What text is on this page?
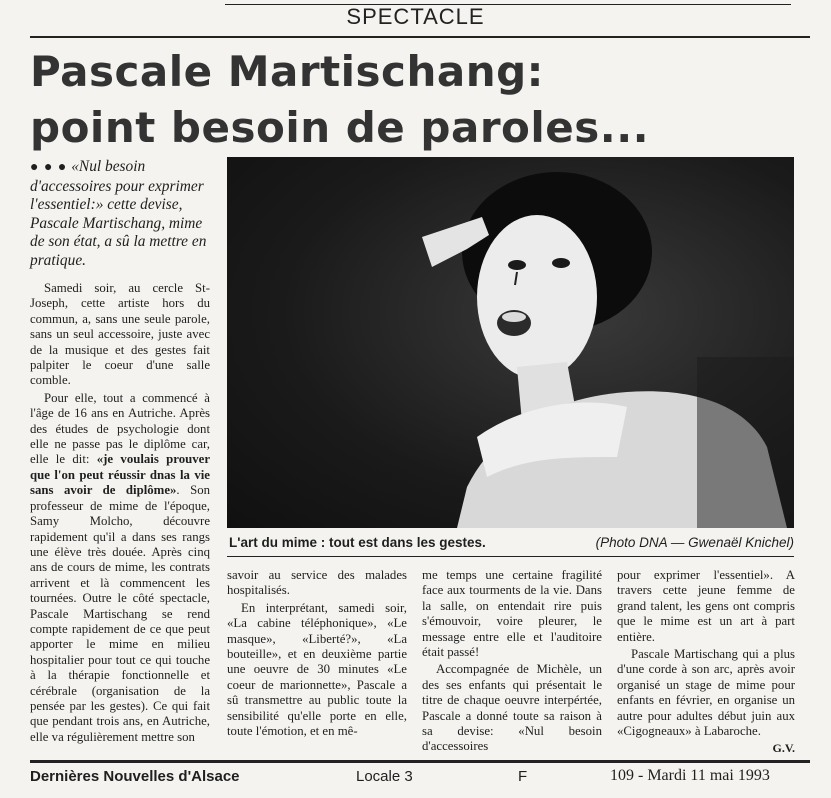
SPECTACLE
Pascale Martischang:
point besoin de paroles...
● ● ● «Nul besoin d'accessoires pour exprimer l'essentiel:» cette devise, Pascale Martischang, mime de son état, a sû la mettre en pratique.
L'art du mime : tout est dans les gestes.	(Photo DNA — Gwenaël Knichel)

Samedi soir, au cercle St-Joseph, cette artiste hors du commun, a, sans une seule parole, sans un seul accessoire, juste avec de la musique et des gestes fait palpiter le coeur d'une salle comble.

Pour elle, tout a commencé à l'âge de 16 ans en Autriche. Après des études de psychologie dont elle ne passe pas le diplôme car, elle le dit: «je voulais prouver que l'on peut réussir dnas la vie sans avoir de diplôme». Son professeur de mime de l'époque, Samy Molcho, découvre rapidement qu'il a dans ses rangs une élève très douée. Après cinq ans de cours de mime, les contrats arrivent et là commencent les tournées. Outre le côté spectacle, Pascale Martischang se rend compte rapidement de ce que peut apporter le mime en milieu hospitalier pour tout ce qui touche à la thérapie fonctionnelle et cérébrale (organisation de la pensée par les gestes). Ce qui fait que pendant trois ans, en Autriche, elle va régulièrement mettre son

savoir au service des malades hospitalisés.

En interprétant, samedi soir, «La cabine téléphonique», «Le masque», «Liberté?», «La bouteille», et en deuxième partie une oeuvre de 30 minutes «Le coeur de marionnette», Pascale a sû transmettre au public toute la sensibilité qu'elle porte en elle, toute l'émotion, et en mê-

me temps une certaine fragilité face aux tourments de la vie. Dans la salle, on entendait rire puis s'émouvoir, voire pleurer, le message entre elle et l'auditoire était passé!

Accompagnée de Michèle, un des ses enfants qui présentait le titre de chaque oeuvre interpértée, Pascale a donné toute sa raison à sa devise: «Nul besoin d'accessoires

pour exprimer l'essentiel». A travers cette jeune femme de grand talent, les gens ont compris que le mime est un art à part entière.

Pascale Martischang qui a plus d'une corde à son arc, après avoir organisé un stage de mime pour enfants en février, en organise un autre pour adultes début juin aux «Cigogneaux» à Labaroche.

G.V.
Dernières Nouvelles d'Alsace	Locale 3	F	109 - Mardi 11 mai 1993
